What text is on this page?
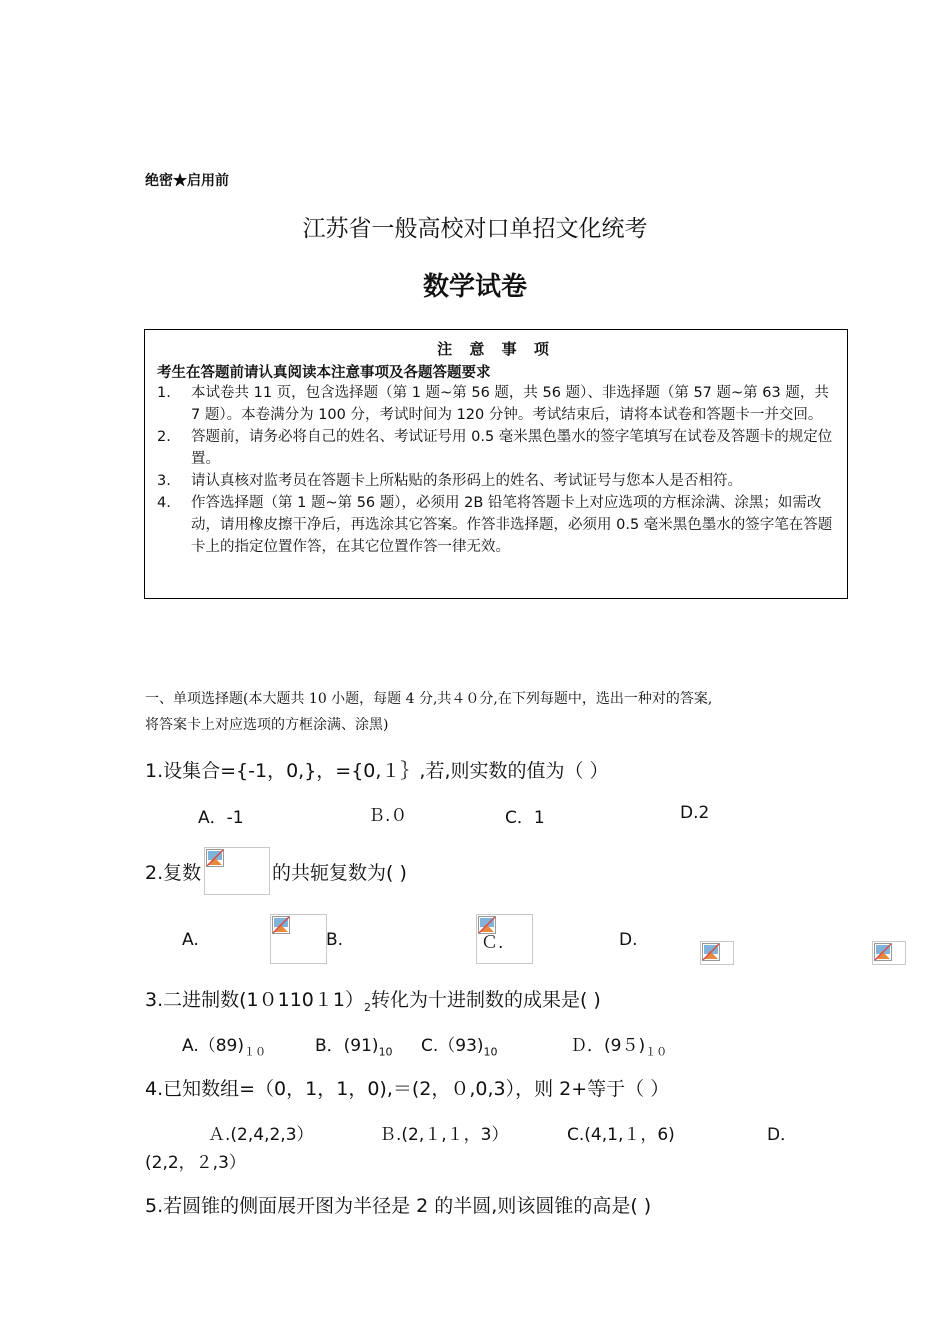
绝密★启用前
江苏省一般高校对口单招文化统考
数学试卷
注 意 事 项
考生在答题前请认真阅读本注意事项及各题答题要求
1. 本试卷共 11 页，包含选择题（第 1 题~第 56 题，共 56 题）、非选择题（第 57 题~第 63 题，共 7 题）。本卷满分为 100 分，考试时间为 120 分钟。考试结束后，请将本试卷和答题卡一并交回。
2. 答题前，请务必将自己的姓名、考试证号用 0.5 毫米黑色墨水的签字笔填写在试卷及答题卡的规定位置。
3. 请认真核对监考员在答题卡上所粘贴的条形码上的姓名、考试证号与您本人是否相符。
4. 作答选择题（第 1 题~第 56 题），必须用 2B 铅笔将答题卡上对应选项的方框涂满、涂黑；如需改动，请用橡皮擦干净后，再选涂其它答案。作答非选择题，必须用 0.5 毫米黑色墨水的签字笔在答题卡上的指定位置作答，在其它位置作答一律无效。
一、单项选择题(本大题共 10 小题，每题 4 分,共４０分,在下列每题中，选出一种对的答案,
将答案卡上对应选项的方框涂满、涂黑)
1.设集合={-1，0,}，={0,１｝,若,则实数的值为（ ）
A．-1	Ｂ.０	C．1	D.2
2.复数
	的共轭复数为( )
A.
	B.
	Ｃ.
	D.
3.二进制数$(1011011)_2$转化为十进制数的成果是( )
$A.(89)_{10}$	B．$(91)_{10}$ $C.(93)_{10}$	Ｄ．$(95)_{10}$
4.已知数组=（0，1，1，0),＝(2，０,0,3），则 2+等于（ ）
Ａ.(2,4,2,3）	Ｂ.(2,１,１，3）	C.(4,1,１，6)	D．
(2,2，２,3）
5.若圆锥的侧面展开图为半径是 2 的半圆,则该圆锥的高是( )
